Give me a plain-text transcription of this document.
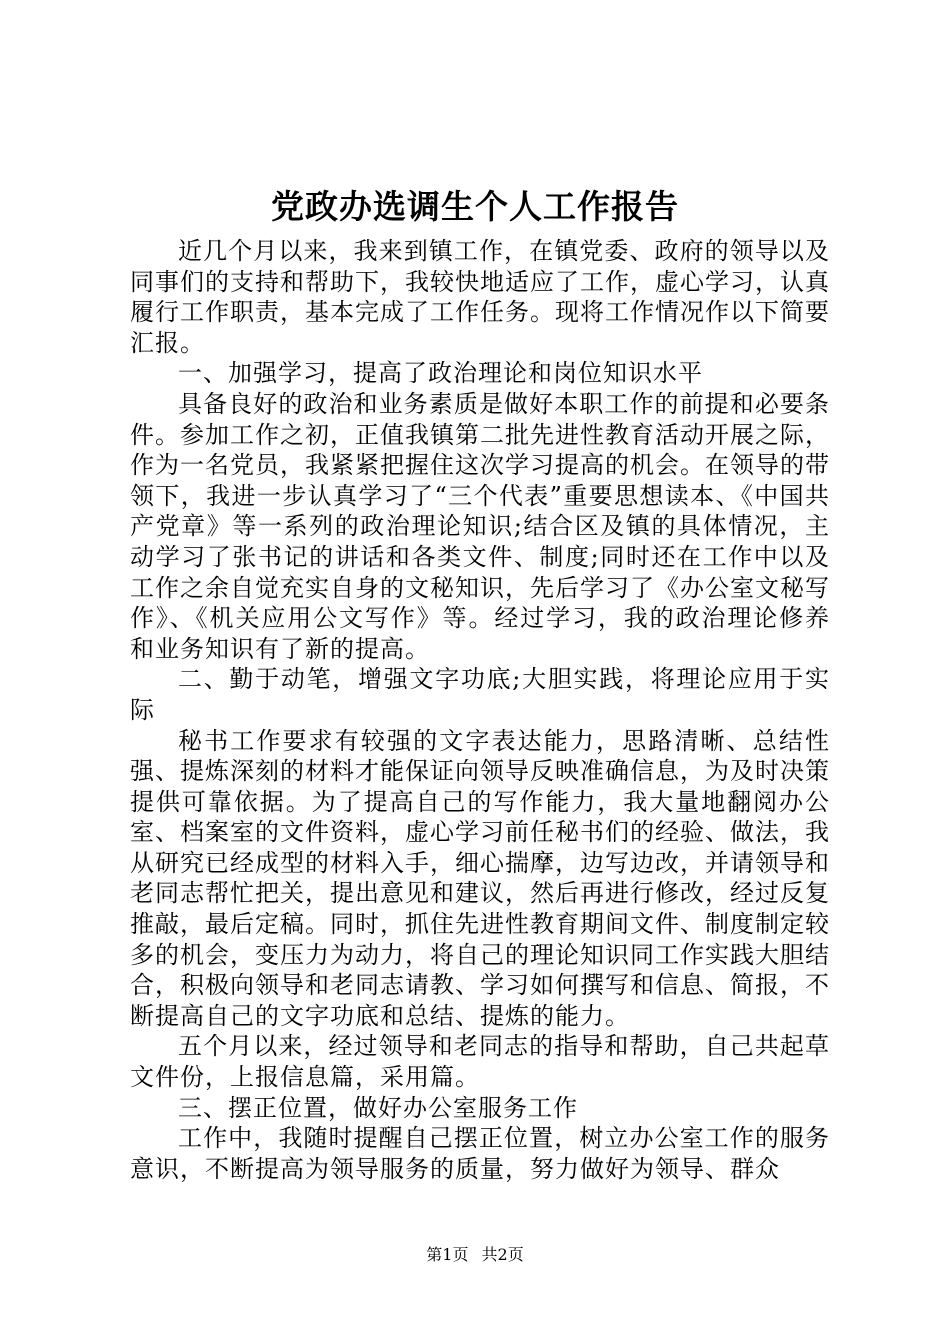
党政办选调生个人工作报告

近几个月以来，我来到镇工作，在镇党委、政府的领导以及同事们的支持和帮助下，我较快地适应了工作，虚心学习，认真履行工作职责，基本完成了工作任务。现将工作情况作以下简要汇报。

一、加强学习，提高了政治理论和岗位知识水平

具备良好的政治和业务素质是做好本职工作的前提和必要条件。参加工作之初，正值我镇第二批先进性教育活动开展之际，作为一名党员，我紧紧把握住这次学习提高的机会。在领导的带领下，我进一步认真学习了“三个代表”重要思想读本、《中国共产党章》等一系列的政治理论知识;结合区及镇的具体情况，主动学习了张书记的讲话和各类文件、制度;同时还在工作中以及工作之余自觉充实自身的文秘知识，先后学习了《办公室文秘写作》、《机关应用公文写作》等。经过学习，我的政治理论修养和业务知识有了新的提高。

二、勤于动笔，增强文字功底;大胆实践，将理论应用于实际

秘书工作要求有较强的文字表达能力，思路清晰、总结性强、提炼深刻的材料才能保证向领导反映准确信息，为及时决策提供可靠依据。为了提高自己的写作能力，我大量地翻阅办公室、档案室的文件资料，虚心学习前任秘书们的经验、做法，我从研究已经成型的材料入手，细心揣摩，边写边改，并请领导和老同志帮忙把关，提出意见和建议，然后再进行修改，经过反复推敲，最后定稿。同时，抓住先进性教育期间文件、制度制定较多的机会，变压力为动力，将自己的理论知识同工作实践大胆结合，积极向领导和老同志请教、学习如何撰写和信息、简报，不断提高自己的文字功底和总结、提炼的能力。

五个月以来，经过领导和老同志的指导和帮助，自己共起草文件份，上报信息篇，采用篇。

三、摆正位置，做好办公室服务工作

工作中，我随时提醒自己摆正位置，树立办公室工作的服务意识，不断提高为领导服务的质量，努力做好为领导、群众

第1页 共2页
